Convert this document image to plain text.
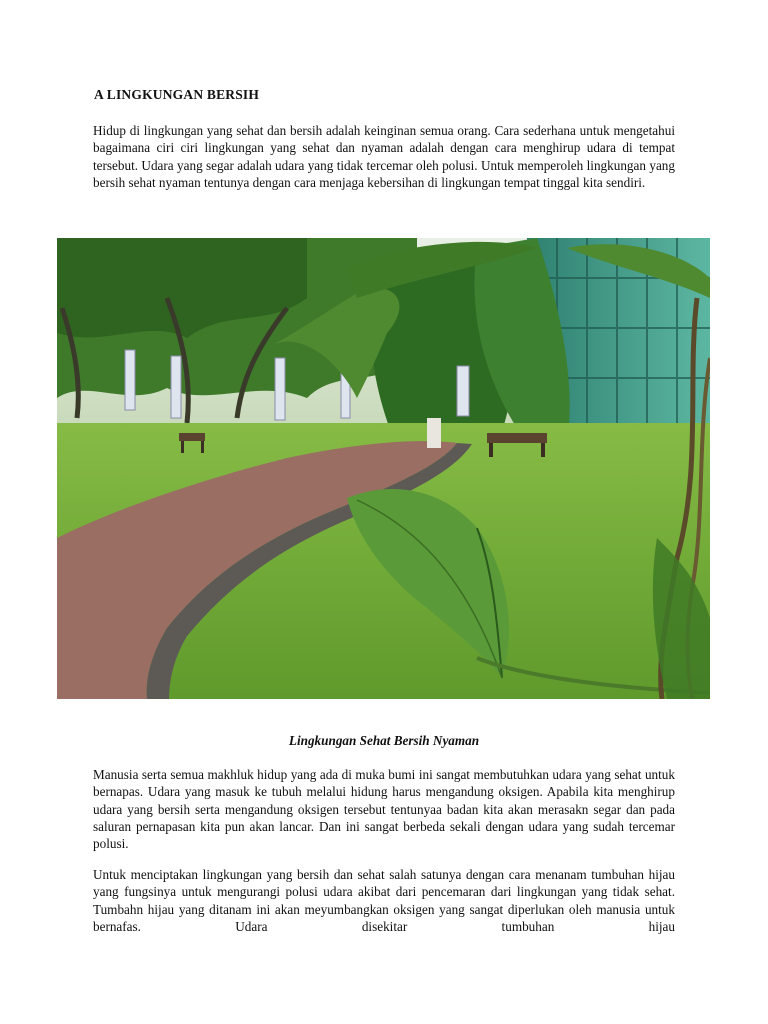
A LINGKUNGAN BERSIH

Hidup di lingkungan yang sehat dan bersih adalah keinginan semua orang. Cara sederhana untuk mengetahui bagaimana ciri ciri lingkungan yang sehat dan nyaman adalah dengan cara menghirup udara di tempat tersebut. Udara yang segar adalah udara yang tidak tercemar oleh polusi. Untuk memperoleh lingkungan yang bersih sehat nyaman tentunya dengan cara menjaga kebersihan di lingkungan tempat tinggal kita sendiri.

Lingkungan Sehat Bersih Nyaman

Manusia serta semua makhluk hidup yang ada di muka bumi ini sangat membutuhkan udara yang sehat untuk bernapas. Udara yang masuk ke tubuh melalui hidung harus mengandung oksigen. Apabila kita menghirup udara yang bersih serta mengandung oksigen tersebut tentunyaa badan kita akan merasakn segar dan pada saluran pernapasan kita pun akan lancar. Dan ini sangat berbeda sekali dengan udara yang sudah tercemar polusi.

Untuk menciptakan lingkungan yang bersih dan sehat salah satunya dengan cara menanam tumbuhan hijau yang fungsinya untuk mengurangi polusi udara akibat dari pencemaran dari lingkungan yang tidak sehat. Tumbahn hijau yang ditanam ini akan meyumbangkan oksigen yang sangat diperlukan oleh manusia untuk bernafas. Udara disekitar tumbuhan hijau
